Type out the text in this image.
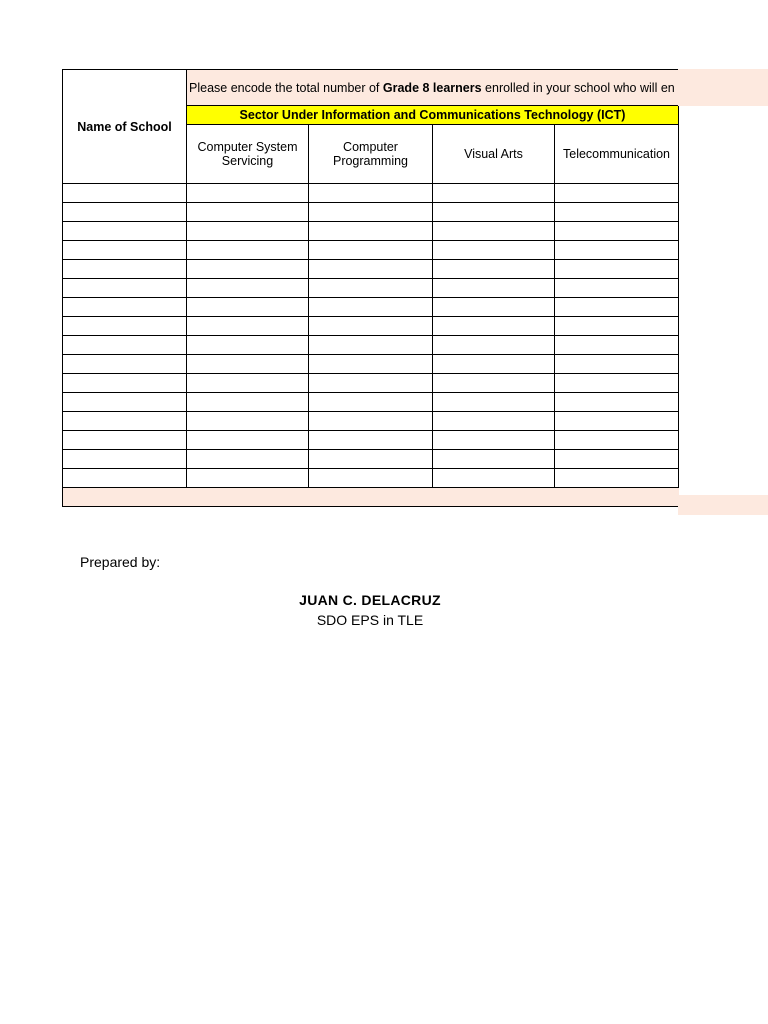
Name of School	Please encode the total number of Grade 8 learners enrolled in your school who will en			
	Sector Under Information and Communications Technology (ICT)			
	Computer System Servicing	Computer Programming	Visual Arts	Telecommunication

Prepared by:
JUAN C. DELACRUZ
SDO EPS in TLE
